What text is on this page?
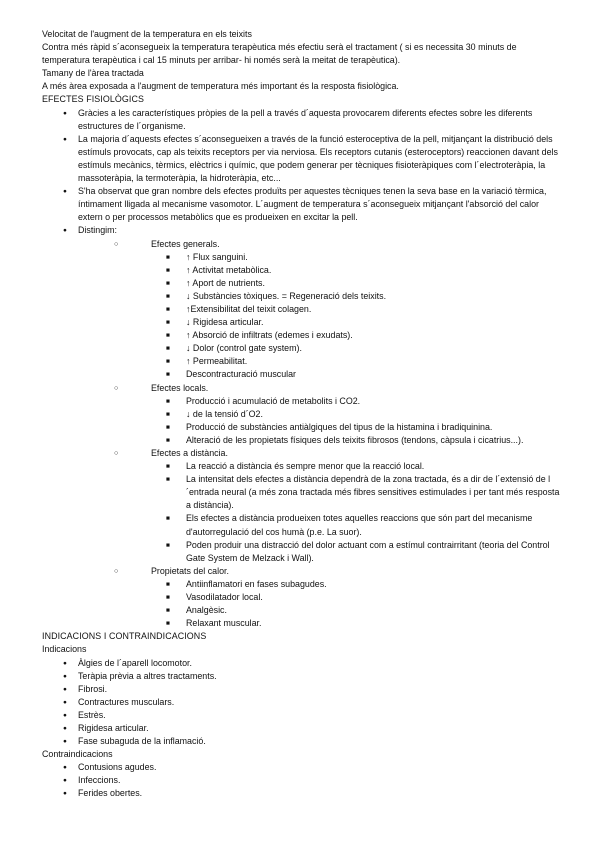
Velocitat de l'augment de la temperatura en els teixits

Contra més ràpid s´aconsegueix la temperatura terapèutica més efectiu serà el tractament ( si es necessita 30 minuts de temperatura terapèutica i cal 15 minuts per arribar- hi només serà la meitat de terapèutica).

Tamany de l'àrea tractada

A més àrea exposada a l'augment de temperatura més important és la resposta fisiològica.

EFECTES FISIOLÒGICS

● Gràcies a les característiques pròpies de la pell a través d´aquesta provocarem diferents efectes sobre les diferents estructures de l´organisme.
● La majoria d´aquests efectes s´aconsegueixen a través de la funció esteroceptiva de la pell, mitjançant la distribució dels estímuls provocats, cap als teixits receptors per via nerviosa. Els receptors cutanis (esteroceptors) reaccionen davant dels estímuls mecànics, tèrmics, elèctrics i químic, que podem generar per tècniques fisioteràpiques com l´electroteràpia, la massoteràpia, la termoteràpia, la hidroteràpia, etc...
● S'ha observat que gran nombre dels efectes produïts per aquestes tècniques tenen la seva base en la variació tèrmica, íntimament lligada al mecanisme vasomotor. L´augment de temperatura s´aconsegueix mitjançant l'absorció del calor extern o per processos metabòlics que es produeixen en excitar la pell.
● Distingim:
○ Efectes generals.
■ ↑ Flux sanguini.
■ ↑ Activitat metabòlica.
■ ↑ Aport de nutrients.
■ ↓ Substàncies tòxiques. = Regeneració dels teixits.
■ ↑Extensibilitat del teixit colagen.
■ ↓ Rigidesa articular.
■ ↑ Absorció de infiltrats (edemes i exudats).
■ ↓ Dolor (control gate system).
■ ↑ Permeabilitat.
■ Descontracturació muscular
○ Efectes locals.
■ Producció i acumulació de metabolits i CO2.
■ ↓ de la tensió d´O2.
■ Producció de substàncies antiàlgiques del tipus de la histamina i bradiquinina.
■ Alteració de les propietats físiques dels teixits fibrosos (tendons, càpsula i cicatrius...).
○ Efectes a distància.
■ La reacció a distància és sempre menor que la reacció local.
■ La intensitat dels efectes a distància dependrà de la zona tractada, és a dir de l´extensió de l´entrada neural (a més zona tractada més fibres sensitives estimulades i per tant més resposta a distància).
■ Els efectes a distància produeixen totes aquelles reaccions que són part del mecanisme d'autorregulació del cos humà (p.e. La suor).
■ Poden produir una distracció del dolor actuant com a estímul contrairritant (teoria del Control Gate System de Melzack i Wall).
○ Propietats del calor.
■ Antiinflamatori en fases subagudes.
■ Vasodilatador local.
■ Analgèsic.
■ Relaxant muscular.

INDICACIONS I CONTRAINDICACIONS

Indicacions

● Àlgies de l´aparell locomotor.
● Teràpia prèvia a altres tractaments.
● Fibrosi.
● Contractures musculars.
● Estrès.
● Rigidesa articular.
● Fase subaguda de la inflamació.

Contraindicacions

● Contusions agudes.
● Infeccions.
● Ferides obertes.
